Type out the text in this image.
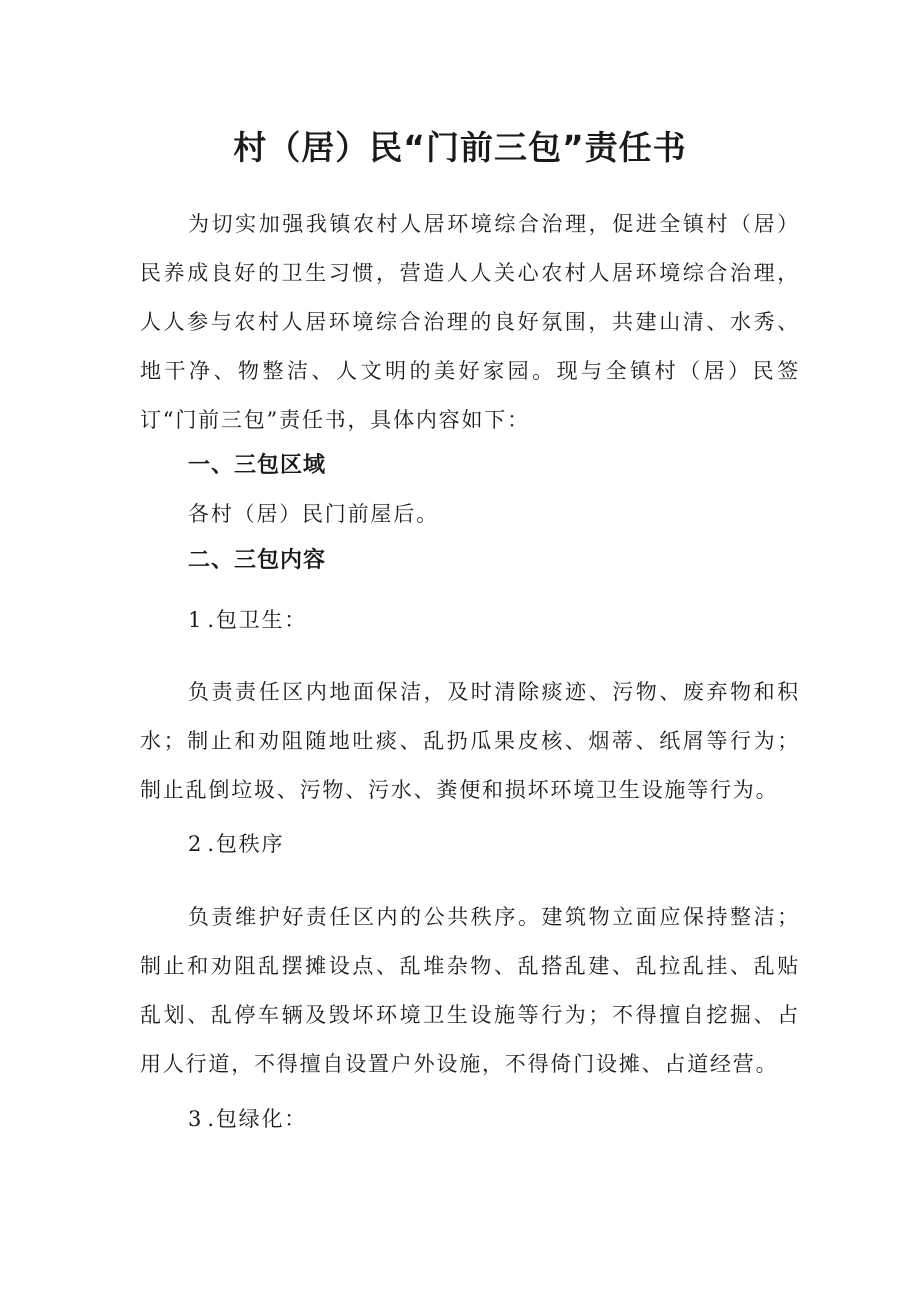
村（居）民“门前三包”责任书
为切实加强我镇农村人居环境综合治理，促进全镇村（居）民养成良好的卫生习惯，营造人人关心农村人居环境综合治理，人人参与农村人居环境综合治理的良好氛围，共建山清、水秀、地干净、物整洁、人文明的美好家园。现与全镇村（居）民签订“门前三包”责任书，具体内容如下：
一、三包区域
各村（居）民门前屋后。
二、三包内容
1.包卫生：
负责责任区内地面保洁，及时清除痰迹、污物、废弃物和积水；制止和劝阻随地吐痰、乱扔瓜果皮核、烟蒂、纸屑等行为；制止乱倒垃圾、污物、污水、粪便和损坏环境卫生设施等行为。
2.包秩序
负责维护好责任区内的公共秩序。建筑物立面应保持整洁；制止和劝阻乱摆摊设点、乱堆杂物、乱搭乱建、乱拉乱挂、乱贴乱划、乱停车辆及毁坏环境卫生设施等行为；不得擅自挖掘、占用人行道，不得擅自设置户外设施，不得倚门设摊、占道经营。
3.包绿化：
